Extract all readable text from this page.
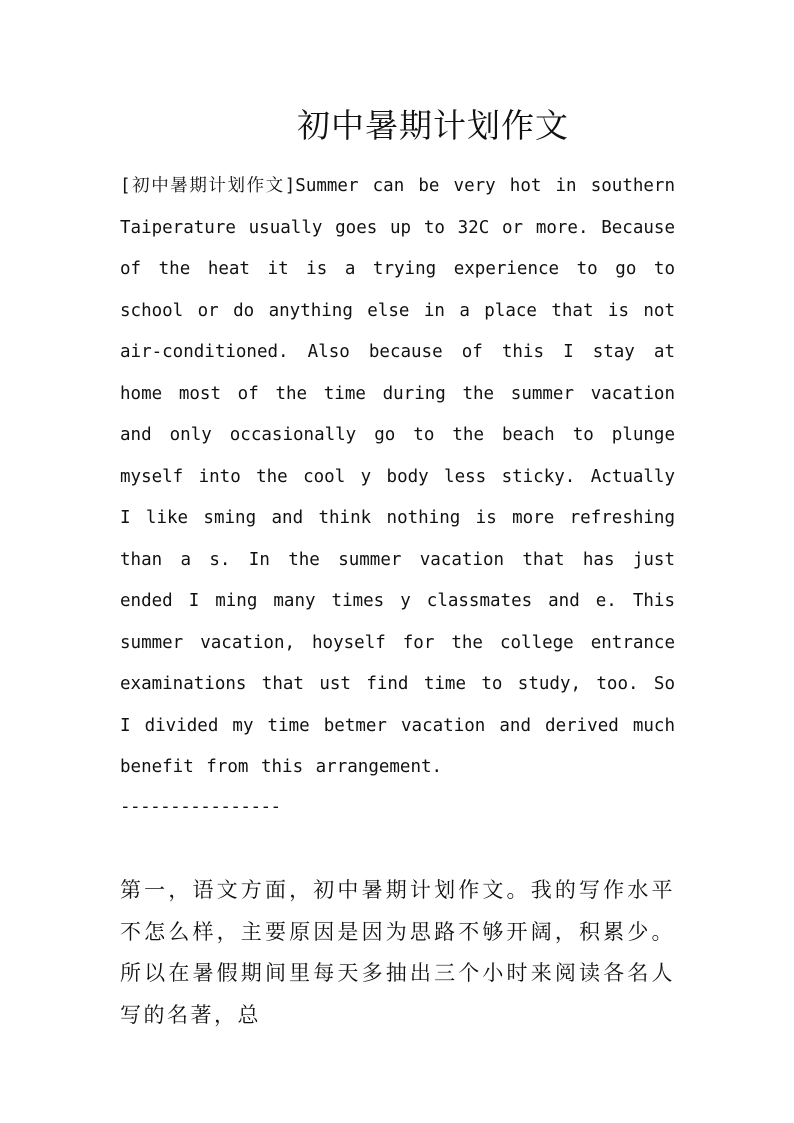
初中暑期计划作文

[初中暑期计划作文]Summer can be very hot in southern Taiperature usually goes up to 32C or more. Because of the heat it is a trying experience to go to school or do anything else in a place that is not air-conditioned. Also because of this I stay at home most of the time during the summer vacation and only occasionally go to the beach to plunge myself into the cool y body less sticky. Actually I like sming and think nothing is more refreshing than a s. In the summer vacation that has just ended I ming many times y classmates and e. This summer vacation, hoyself for the college entrance examinations that ust find time to study, too. So I divided my time betmer vacation and derived much benefit from this arrangement.

----------------

第一，语文方面，初中暑期计划作文。我的写作水平不怎么样，主要原因是因为思路不够开阔，积累少。所以在暑假期间里每天多抽出三个小时来阅读各名人写的名著，总
